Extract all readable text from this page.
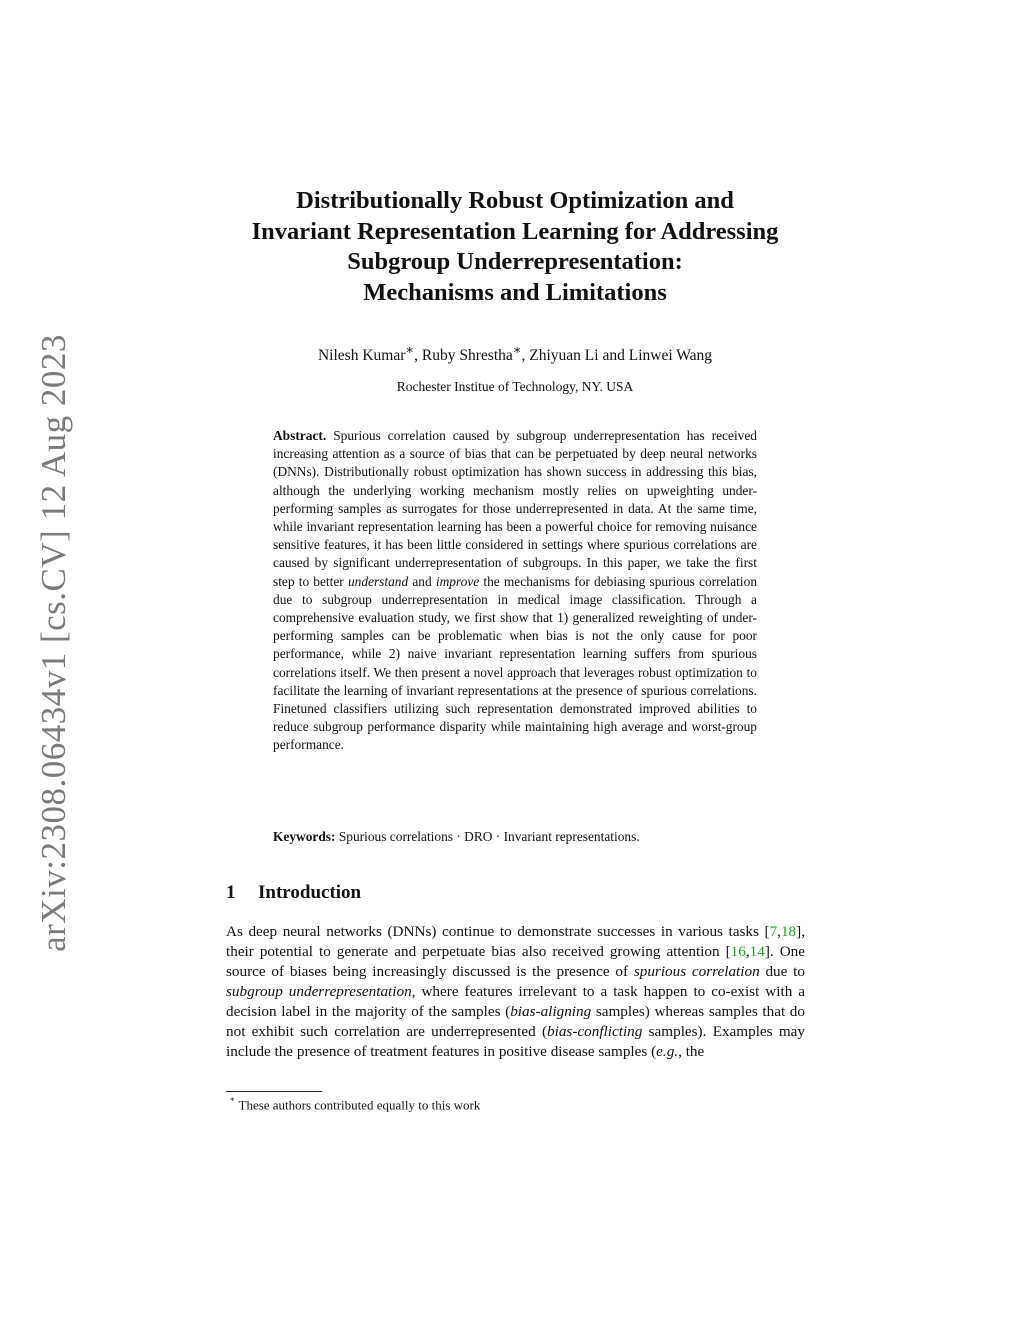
arXiv:2308.06434v1 [cs.CV] 12 Aug 2023
Distributionally Robust Optimization and
Invariant Representation Learning for Addressing
Subgroup Underrepresentation:
Mechanisms and Limitations
Nilesh Kumar∗, Ruby Shrestha∗, Zhiyuan Li and Linwei Wang
Rochester Institue of Technology, NY. USA
Abstract. Spurious correlation caused by subgroup underrepresentation has received increasing attention as a source of bias that can be perpetuated by deep neural networks (DNNs). Distributionally robust optimization has shown success in addressing this bias, although the underlying working mechanism mostly relies on upweighting under-performing samples as surrogates for those underrepresented in data. At the same time, while invariant representation learning has been a powerful choice for removing nuisance sensitive features, it has been little considered in settings where spurious correlations are caused by significant underrepresentation of subgroups. In this paper, we take the first step to better understand and improve the mechanisms for debiasing spurious correlation due to subgroup underrepresentation in medical image classification. Through a comprehensive evaluation study, we first show that 1) generalized reweighting of under-performing samples can be problematic when bias is not the only cause for poor performance, while 2) naive invariant representation learning suffers from spurious correlations itself. We then present a novel approach that leverages robust optimization to facilitate the learning of invariant representations at the presence of spurious correlations. Finetuned classifiers utilizing such representation demonstrated improved abilities to reduce subgroup performance disparity while maintaining high average and worst-group performance.
Keywords: Spurious correlations · DRO · Invariant representations.
1 Introduction
As deep neural networks (DNNs) continue to demonstrate successes in various tasks [7,18], their potential to generate and perpetuate bias also received growing attention [16,14]. One source of biases being increasingly discussed is the presence of spurious correlation due to subgroup underrepresentation, where features irrelevant to a task happen to co-exist with a decision label in the majority of the samples (bias-aligning samples) whereas samples that do not exhibit such correlation are underrepresented (bias-conflicting samples). Examples may include the presence of treatment features in positive disease samples (e.g., the
* These authors contributed equally to this work
